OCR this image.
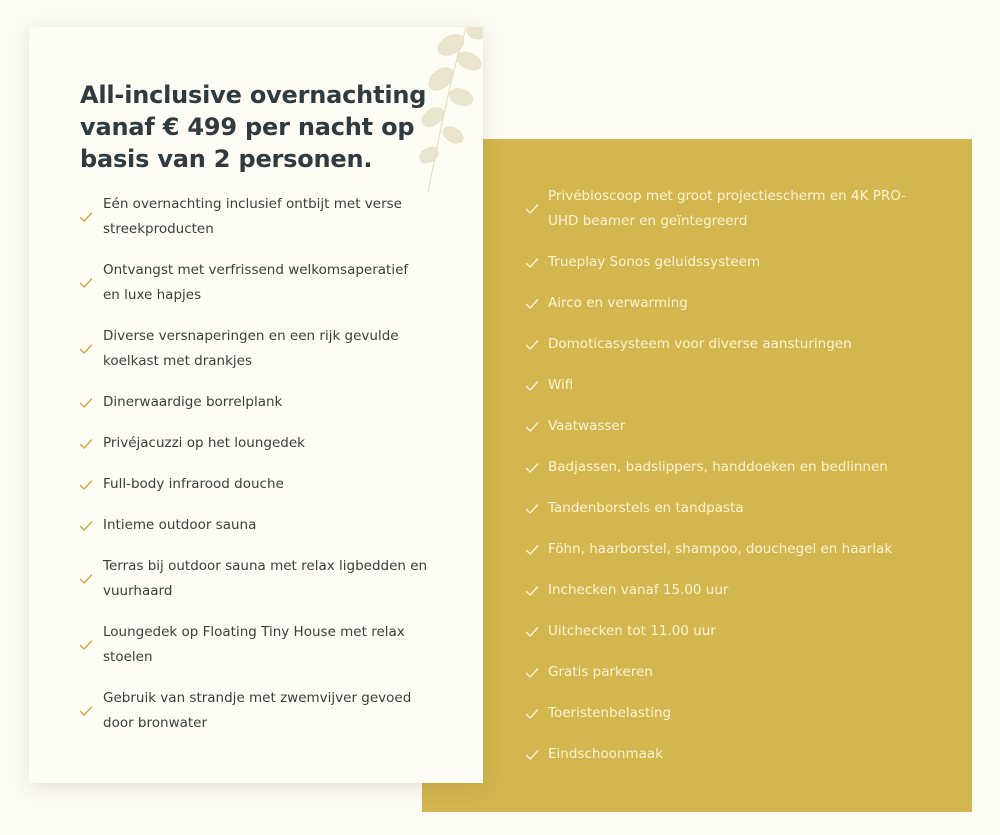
Privébioscoop met groot projectiescherm en 4K PRO-UHD beamer en geïntegreerd
Trueplay Sonos geluidssysteem
Airco en verwarming
Domoticasysteem voor diverse aansturingen
Wifi
Vaatwasser
Badjassen, badslippers, handdoeken en bedlinnen
Tandenborstels en tandpasta
Föhn, haarborstel, shampoo, douchegel en haarlak
Inchecken vanaf 15.00 uur
Uitchecken tot 11.00 uur
Gratis parkeren
Toeristenbelasting
Eindschoonmaak
All-inclusive overnachting vanaf € 499 per nacht op basis van 2 personen.
Eén overnachting inclusief ontbijt met verse streekproducten
Ontvangst met verfrissend welkomsaperatief en luxe hapjes
Diverse versnaperingen en een rijk gevulde koelkast met drankjes
Dinerwaardige borrelplank
Privéjacuzzi op het loungedek
Full-body infrarood douche
Intieme outdoor sauna
Terras bij outdoor sauna met relax ligbedden en vuurhaard
Loungedek op Floating Tiny House met relax stoelen
Gebruik van strandje met zwemvijver gevoed door bronwater
